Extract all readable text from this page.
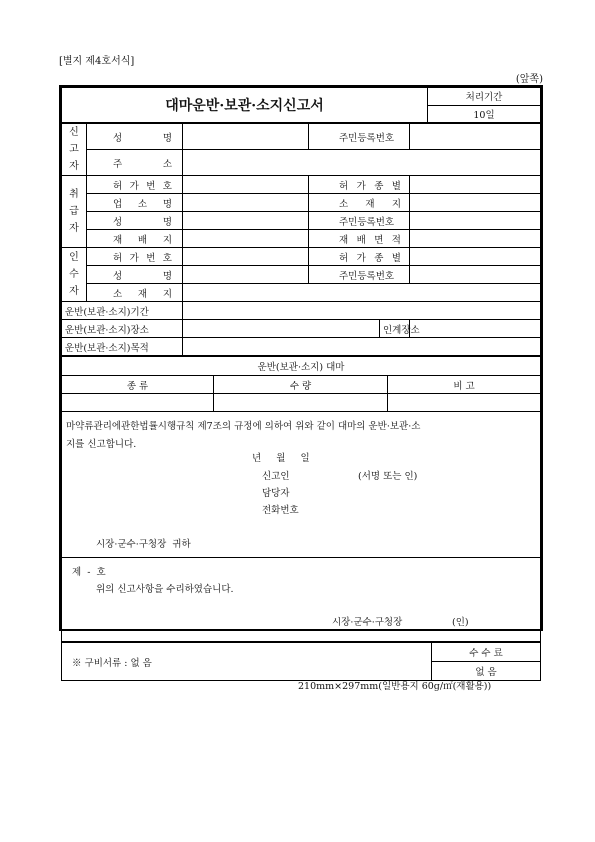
[별지 제4호서식]
(앞쪽)
대마운반·보관·소지신고서	처리기간
10일
신
고
자	성 명		주민등록번호		
	주 소				
취
급
자	허 가 번 호		허 가 종 별		
	업 소 명		소 재 지		
	성 명		주민등록번호		
	재 배 지		재 배 면 적		
인
수
자	허 가 번 호		허 가 종 별		
	성 명		주민등록번호		
	소 재 지				
운반(보관·소지)기간					
운반(보관·소지)장소				인계장소	
운반(보관·소지)목적					
운반(보관·소지) 대마		
종 류	수 량	비 고

마약류관리에관한법률시행규칙 제7조의 규정에 의하여 위와 같이 대마의 운반·보관·소
지를 신고합니다.
년     월     일
신고인	(서명 또는 인)
담당자
전화번호
시장·군수·구청장  귀하
제  -  호
위의 신고사항을 수리하였습니다.
시장·군수·구청장	(인)
※ 구비서류 : 없 음	수 수 료
없 음
210mm×297mm(일반용지 60g/㎡(재활용))
